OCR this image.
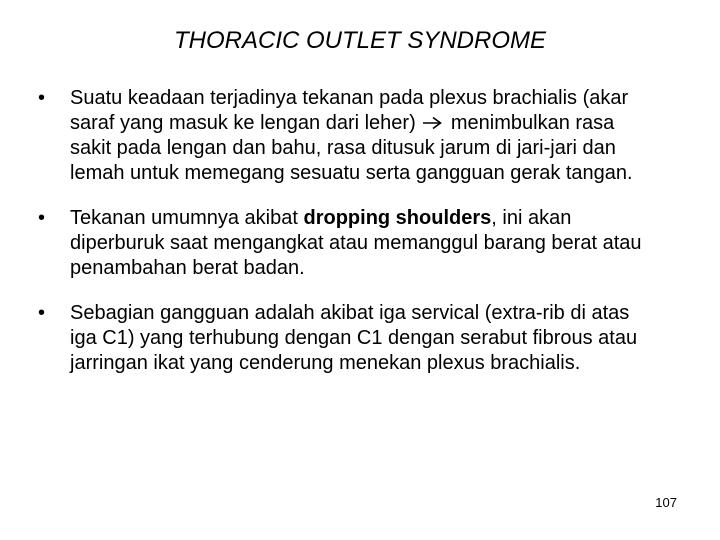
THORACIC OUTLET SYNDROME
•	Suatu keadaan terjadinya tekanan pada plexus brachialis (akar saraf yang masuk ke lengan dari leher) menimbulkan rasa sakit pada lengan dan bahu, rasa ditusuk jarum di jari-jari dan lemah untuk memegang sesuatu serta gangguan gerak tangan.
•	Tekanan umumnya akibat dropping shoulders, ini akan diperburuk saat mengangkat atau memanggul barang berat atau penambahan berat badan.
•	Sebagian gangguan adalah akibat iga servical (extra-rib di atas iga C1) yang terhubung dengan C1 dengan serabut fibrous atau jarringan ikat yang cenderung menekan plexus brachialis.
107
